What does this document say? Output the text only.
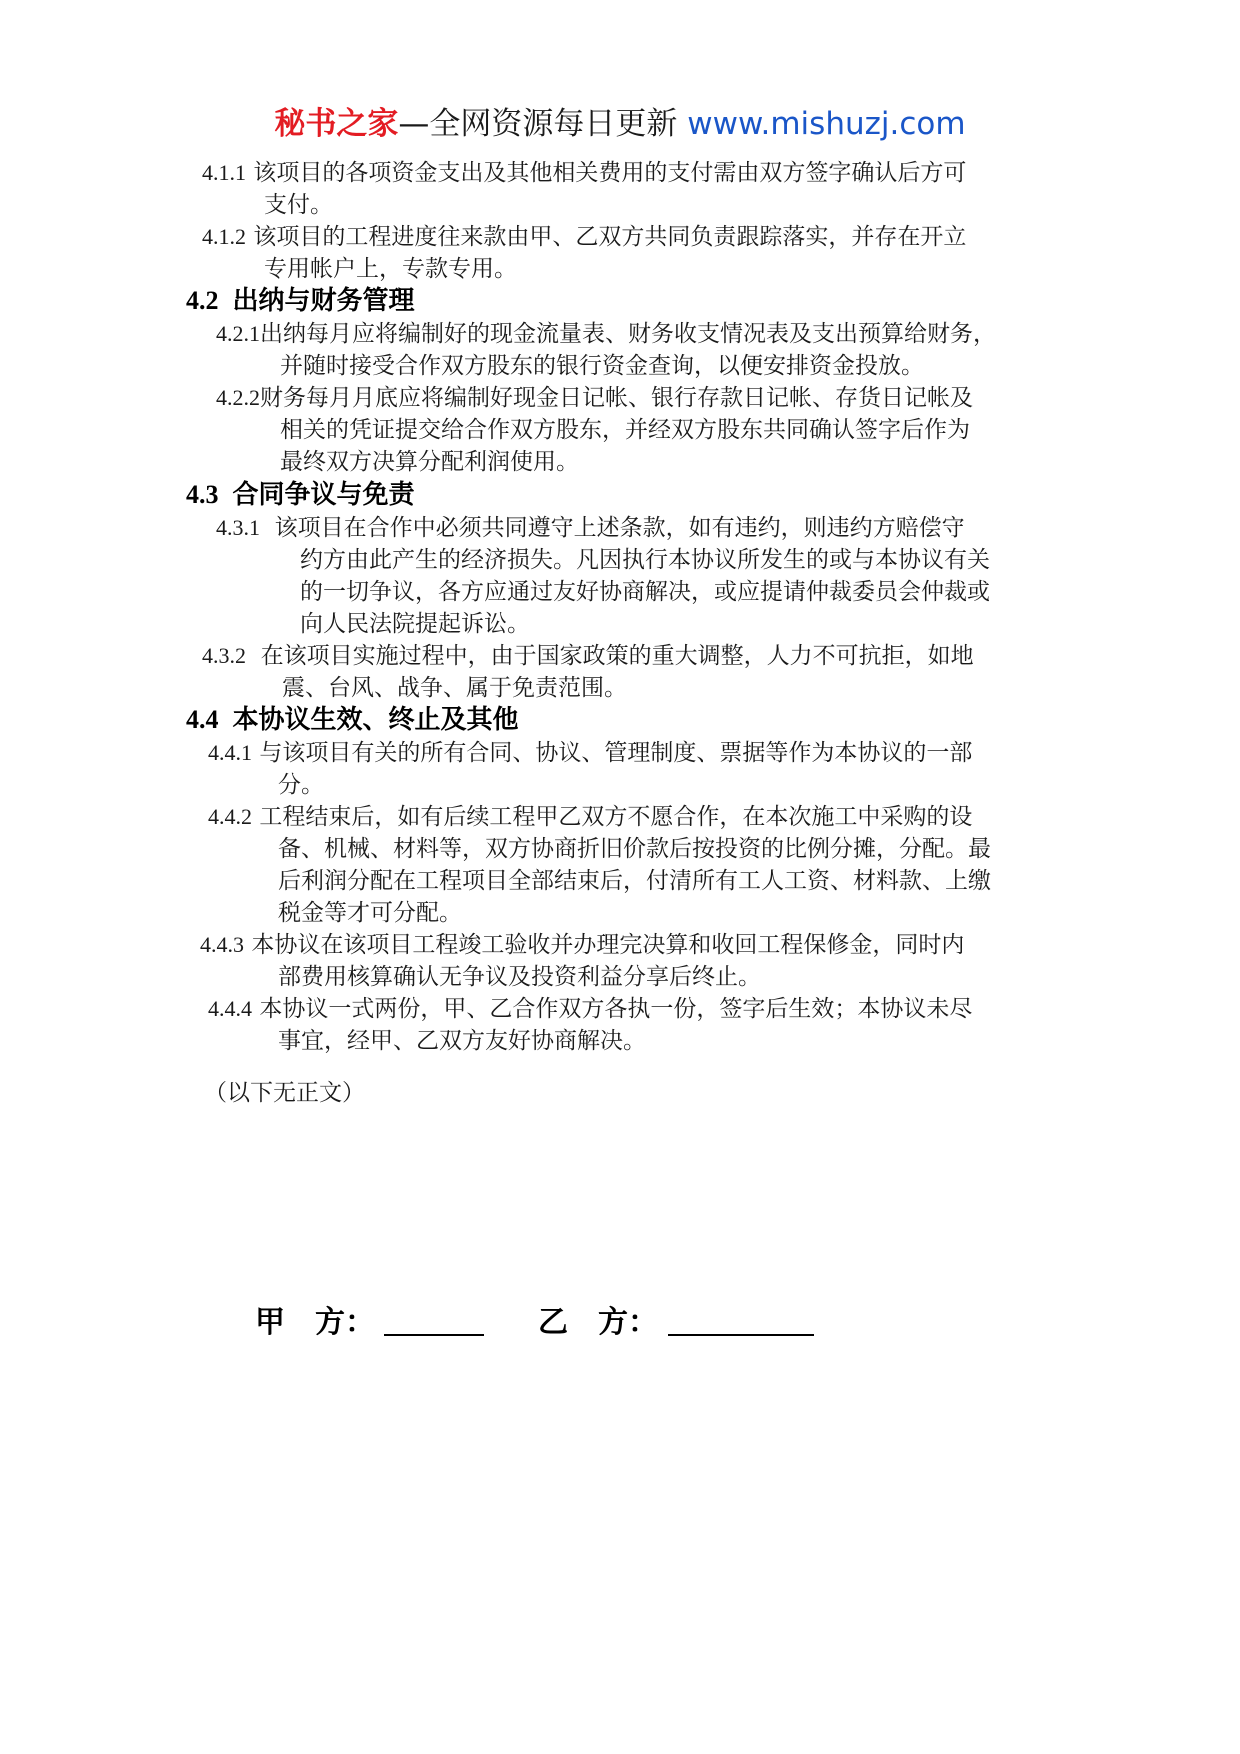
秘书之家—全网资源每日更新 www.mishuzj.com
4.1.1 该项目的各项资金支出及其他相关费用的支付需由双方签字确认后方可
支付。
4.1.2 该项目的工程进度往来款由甲、乙双方共同负责跟踪落实，并存在开立
专用帐户上，专款专用。
4.2 出纳与财务管理
4.2.1出纳每月应将编制好的现金流量表、财务收支情况表及支出预算给财务，
并随时接受合作双方股东的银行资金查询，以便安排资金投放。
4.2.2财务每月月底应将编制好现金日记帐、银行存款日记帐、存货日记帐及
相关的凭证提交给合作双方股东，并经双方股东共同确认签字后作为
最终双方决算分配利润使用。
4.3 合同争议与免责
4.3.1 该项目在合作中必须共同遵守上述条款，如有违约，则违约方赔偿守
约方由此产生的经济损失。凡因执行本协议所发生的或与本协议有关
的一切争议，各方应通过友好协商解决，或应提请仲裁委员会仲裁或
向人民法院提起诉讼。
4.3.2 在该项目实施过程中，由于国家政策的重大调整，人力不可抗拒，如地
震、台风、战争、属于免责范围。
4.4 本协议生效、终止及其他
4.4.1 与该项目有关的所有合同、协议、管理制度、票据等作为本协议的一部
分。
4.4.2 工程结束后，如有后续工程甲乙双方不愿合作，在本次施工中采购的设
备、机械、材料等，双方协商折旧价款后按投资的比例分摊，分配。最
后利润分配在工程项目全部结束后，付清所有工人工资、材料款、上缴
税金等才可分配。
4.4.3 本协议在该项目工程竣工验收并办理完决算和收回工程保修金，同时内
部费用核算确认无争议及投资利益分享后终止。
4.4.4 本协议一式两份，甲、乙合作双方各执一份，签字后生效；本协议未尽
事宜，经甲、乙双方友好协商解决。
（以下无正文）
甲　方：	乙　方：
